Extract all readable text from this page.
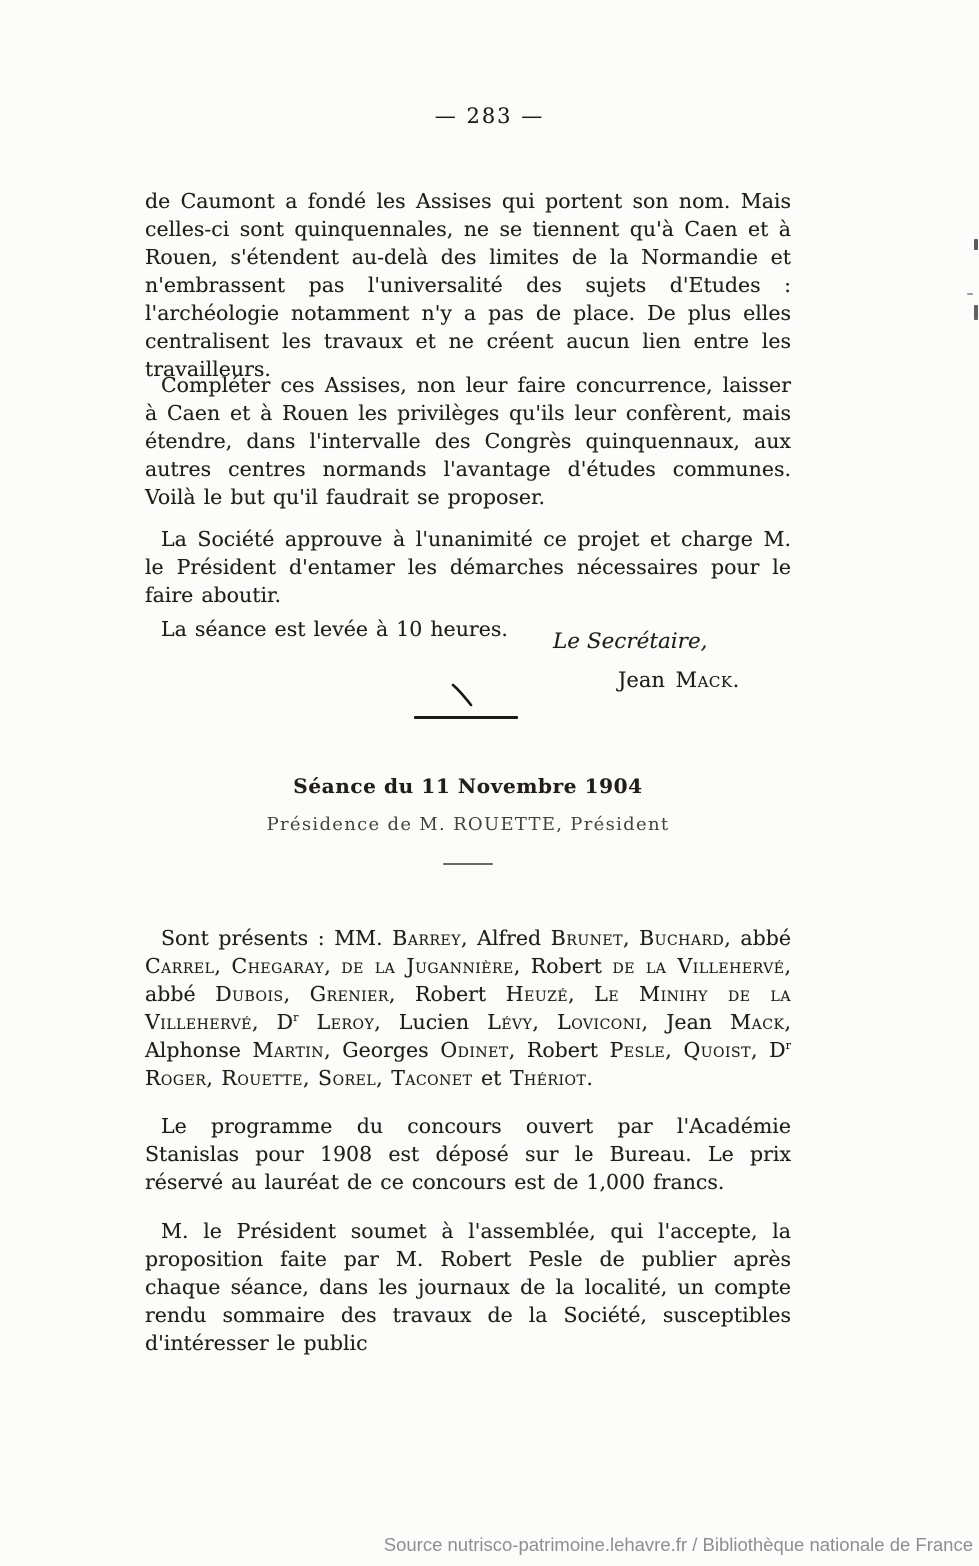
— 283 —

de Caumont a fondé les Assises qui portent son nom. Mais celles-ci sont quinquennales, ne se tiennent qu'à Caen et à Rouen, s'étendent au-delà des limites de la Normandie et n'embrassent pas l'universalité des sujets d'Etudes : l'archéologie notamment n'y a pas de place. De plus elles centralisent les travaux et ne créent aucun lien entre les travailleurs.

Compléter ces Assises, non leur faire concurrence, laisser à Caen et à Rouen les privilèges qu'ils leur confèrent, mais étendre, dans l'intervalle des Congrès quinquennaux, aux autres centres normands l'avantage d'études communes. Voilà le but qu'il faudrait se proposer.

La Société approuve à l'unanimité ce projet et charge M. le Président d'entamer les démarches nécessaires pour le faire aboutir.

La séance est levée à 10 heures.

Le Secrétaire,
Jean Mack.
Séance du 11 Novembre 1904
Présidence de M. ROUETTE, Président

Sont présents : MM. Barrey, Alfred Brunet, Buchard, abbé Carrel, Chegaray, de la Jugannière, Robert de la Villehervé, abbé Dubois, Grenier, Robert Heuzé, Le Minihy de la Villehervé, $D^r$ Leroy, Lucien Lévy, Loviconi, Jean Mack, Alphonse Martin, Georges Odinet, Robert Pesle, Quoist, $D^r$ Roger, Rouette, Sorel, Taconet et Thériot.

Le programme du concours ouvert par l'Académie Stanislas pour 1908 est déposé sur le Bureau. Le prix réservé au lauréat de ce concours est de 1,000 francs.

M. le Président soumet à l'assemblée, qui l'accepte, la proposition faite par M. Robert Pesle de publier après chaque séance, dans les journaux de la localité, un compte rendu sommaire des travaux de la Société, susceptibles d'intéresser le public

Source nutrisco-patrimoine.lehavre.fr / Bibliothèque nationale de France
